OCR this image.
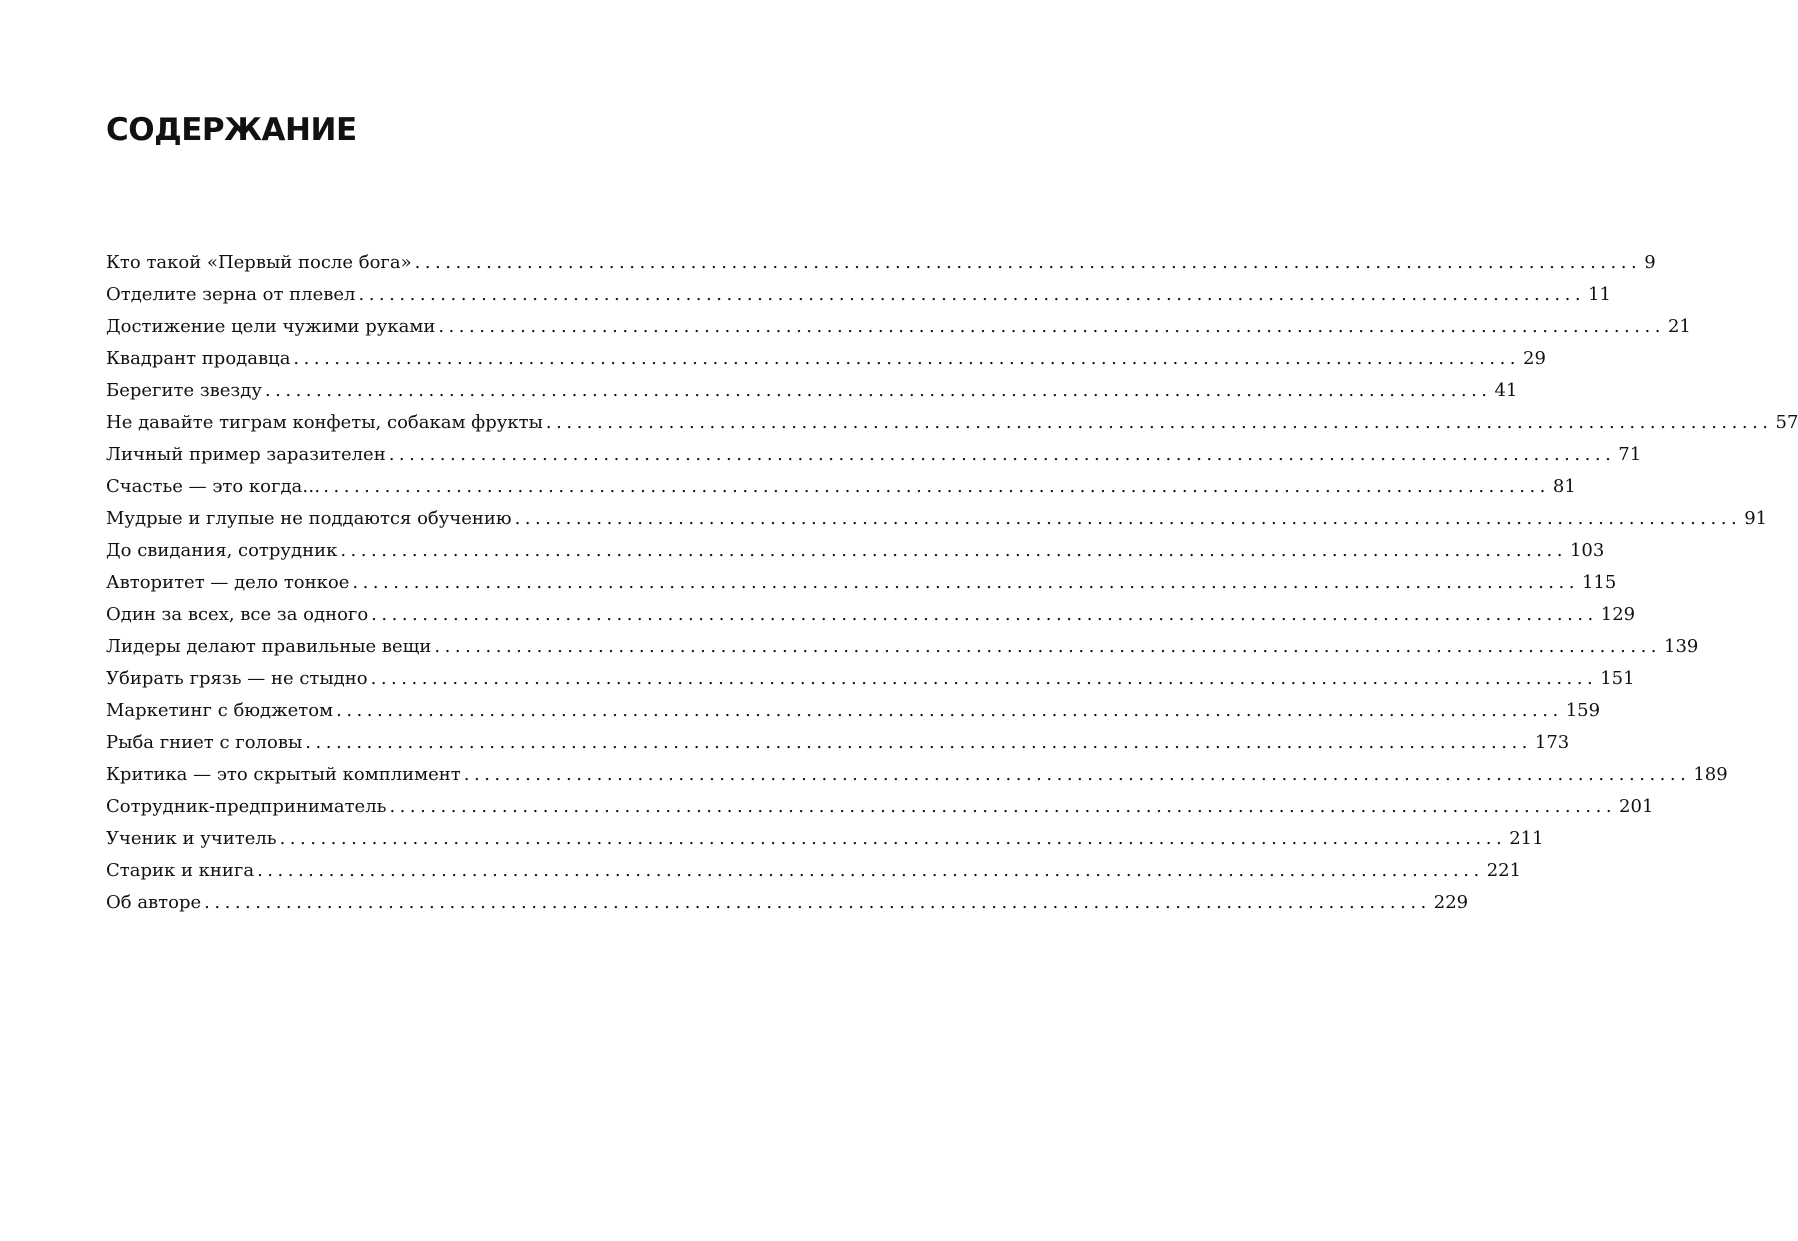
СОДЕРЖАНИЕ
Кто такой «Первый после бога» ........................................................................................................................ 9
Отделите зерна от плевел ........................................................................................................................ 11
Достижение цели чужими руками ........................................................................................................................ 21
Квадрант продавца ........................................................................................................................ 29
Берегите звезду ........................................................................................................................ 41
Не давайте тиграм конфеты, собакам фрукты ........................................................................................................................ 57
Личный пример заразителен ........................................................................................................................ 71
Счастье — это когда… ........................................................................................................................ 81
Мудрые и глупые не поддаются обучению ........................................................................................................................ 91
До свидания, сотрудник ........................................................................................................................ 103
Авторитет — дело тонкое ........................................................................................................................ 115
Один за всех, все за одного ........................................................................................................................ 129
Лидеры делают правильные вещи ........................................................................................................................ 139
Убирать грязь — не стыдно ........................................................................................................................ 151
Маркетинг с бюджетом ........................................................................................................................ 159
Рыба гниет с головы ........................................................................................................................ 173
Критика — это скрытый комплимент ........................................................................................................................ 189
Сотрудник-предприниматель ........................................................................................................................ 201
Ученик и учитель ........................................................................................................................ 211
Старик и книга ........................................................................................................................ 221
Об авторе ........................................................................................................................ 229
